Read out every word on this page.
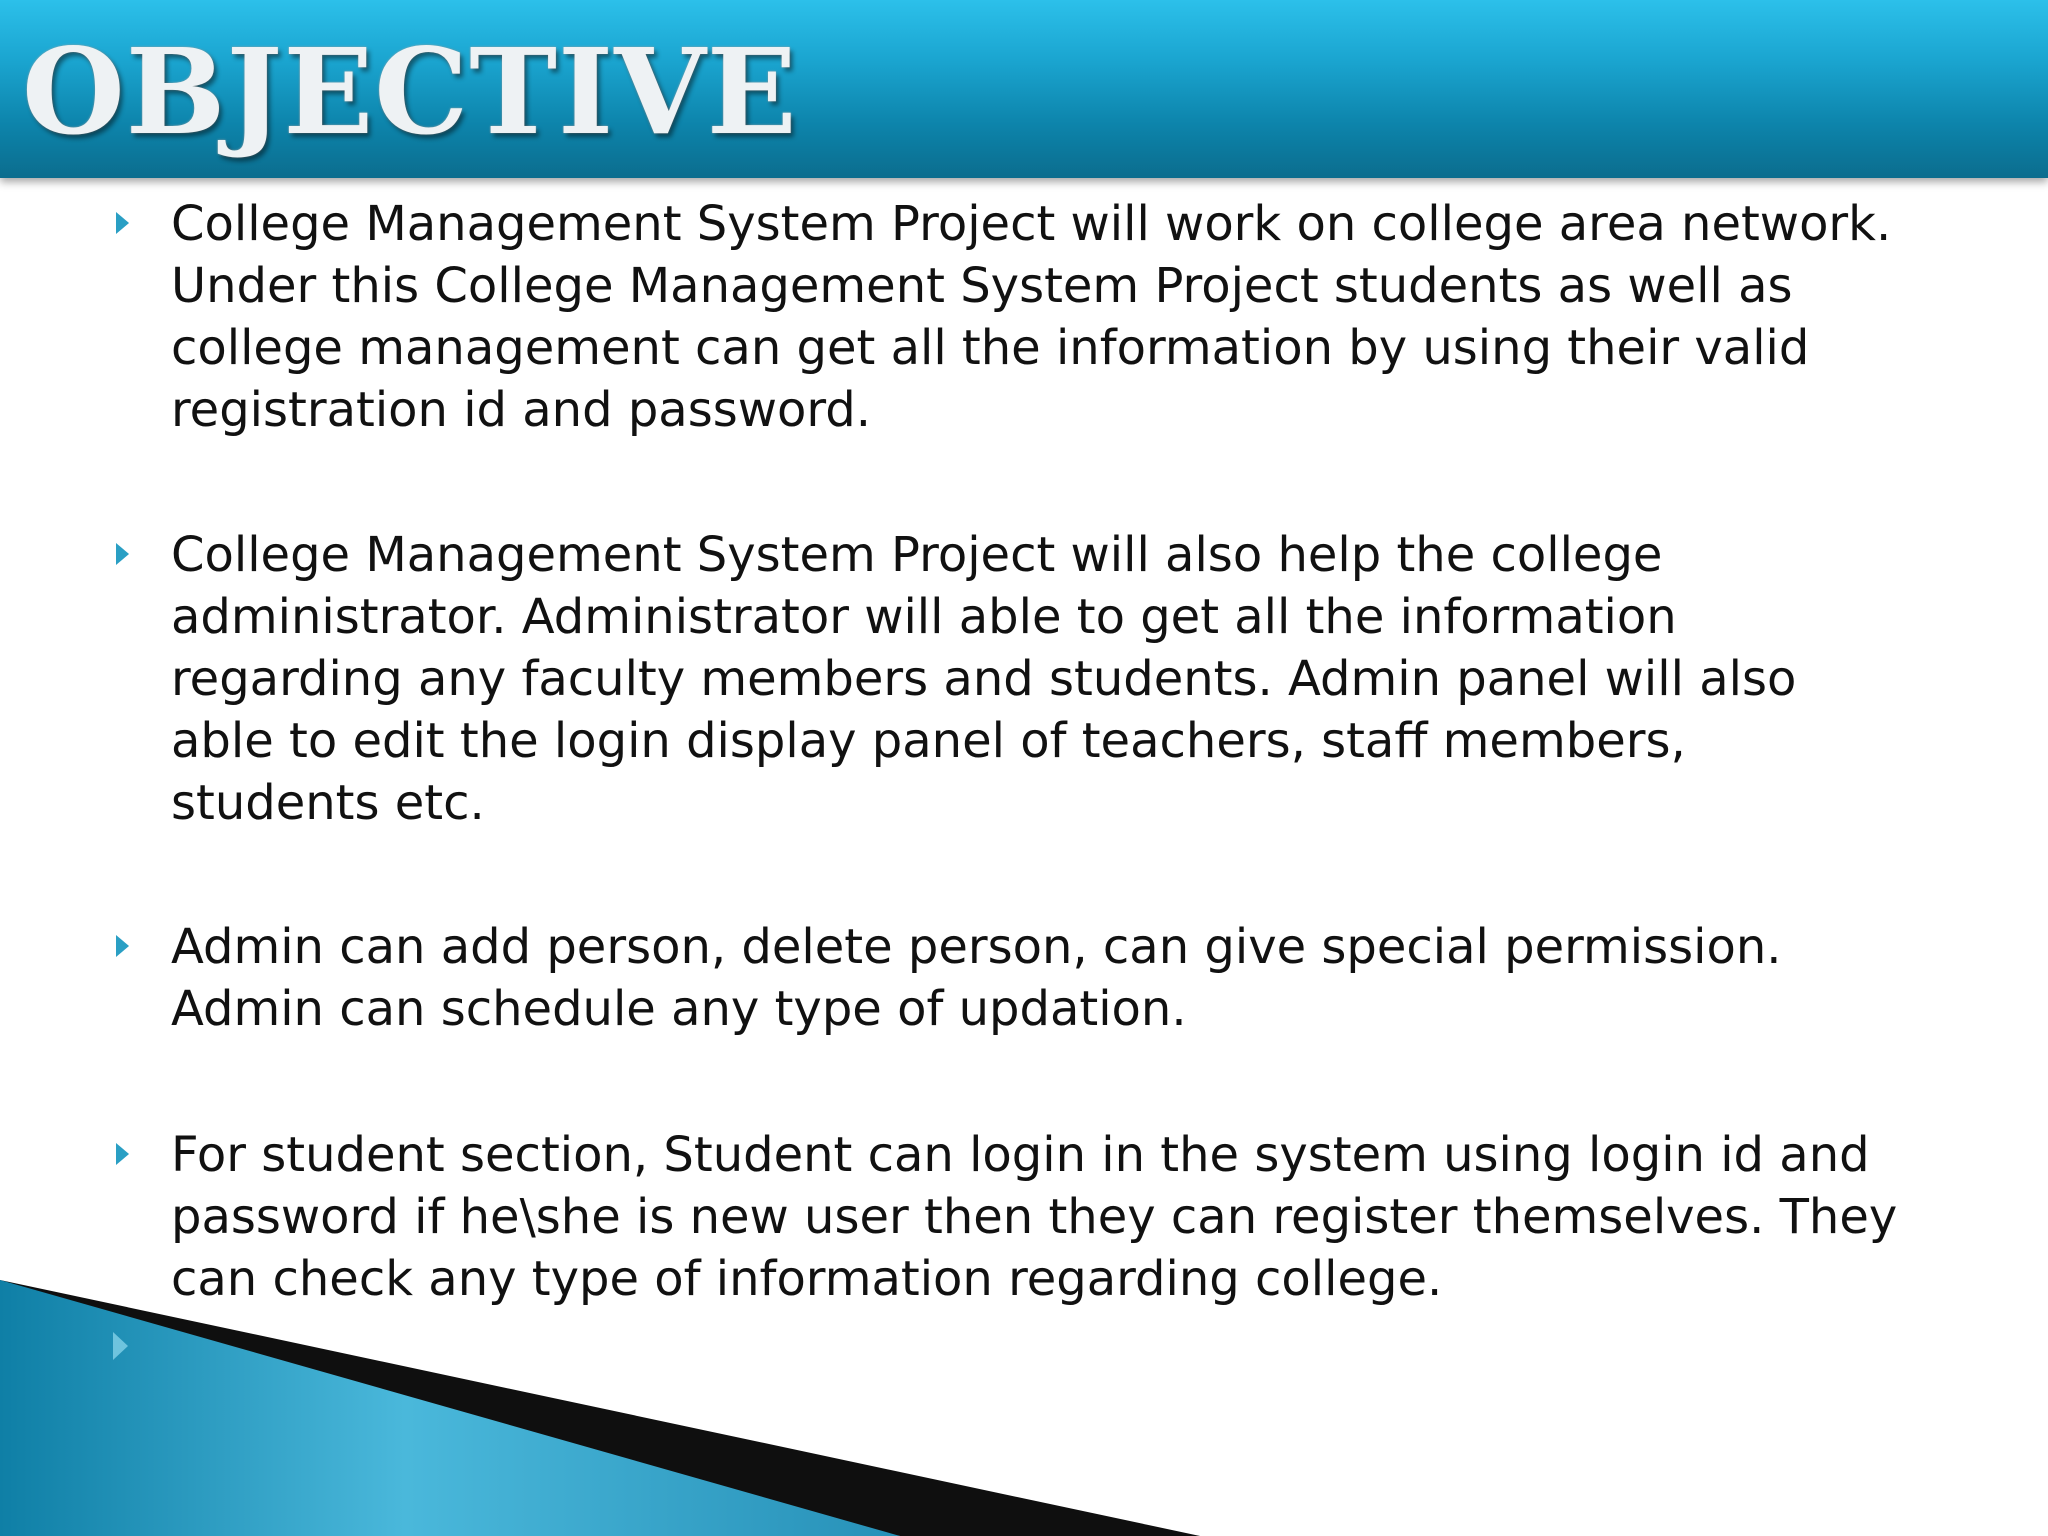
OBJECTIVE

College Management System Project will work on college area network.
Under this College Management System Project students as well as
college management can get all the information by using their valid
registration id and password.

College Management System Project will also help the college
administrator. Administrator will able to get all the information
regarding any faculty members and students. Admin panel will also
able to edit the login display panel of teachers, staff members,
students etc.

Admin can add person, delete person, can give special permission.
Admin can schedule any type of updation.

For student section, Student can login in the system using login id and
password if he\she is new user then they can register themselves. They
can check any type of information regarding college.
